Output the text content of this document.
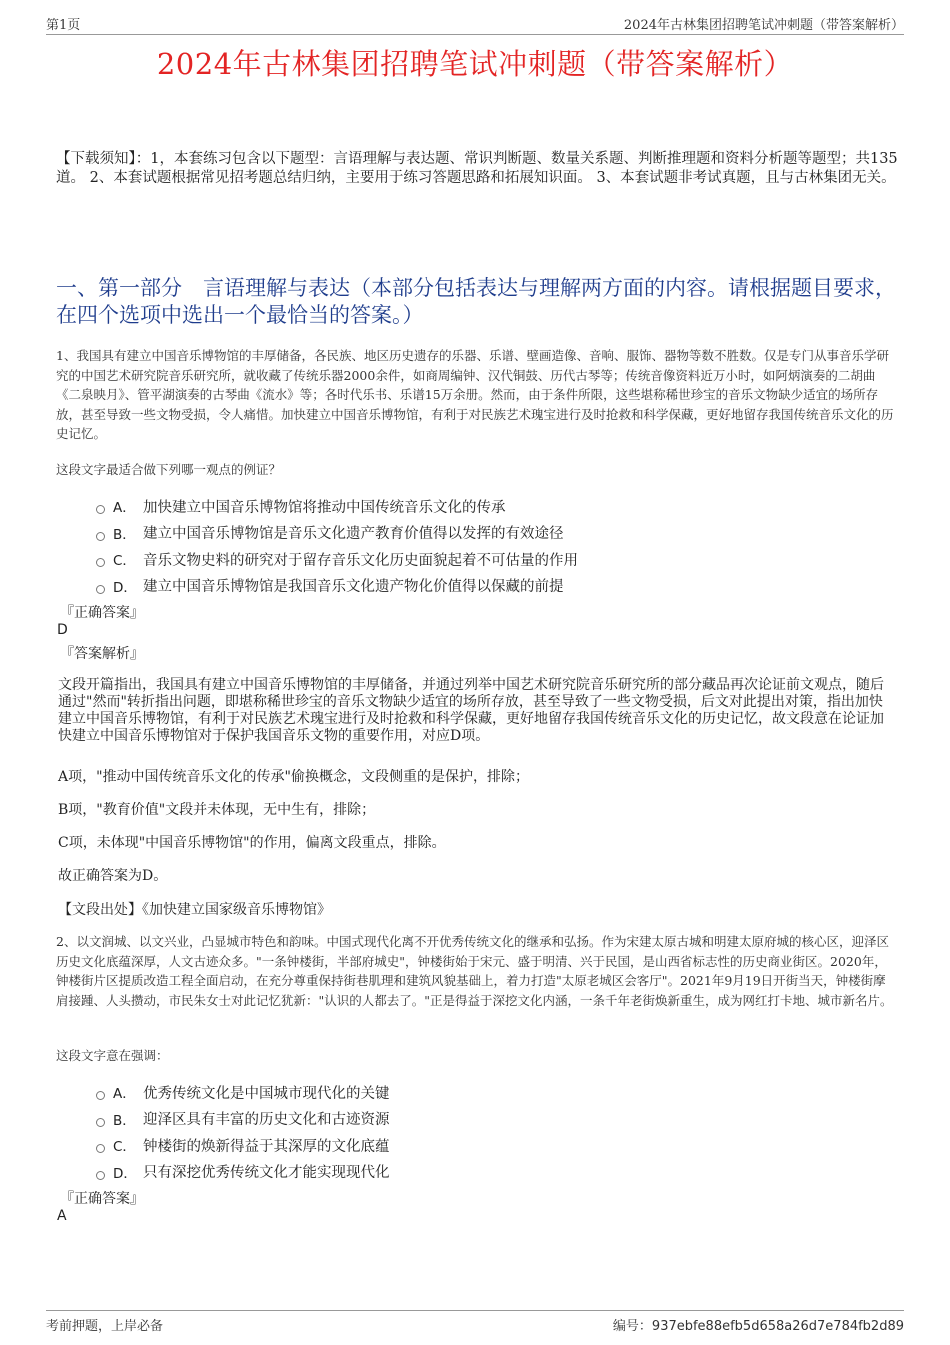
第1页	2024年古林集团招聘笔试冲刺题（带答案解析）
2024年古林集团招聘笔试冲刺题（带答案解析）
【下载须知】：1，本套练习包含以下题型：言语理解与表达题、常识判断题、数量关系题、判断推理题和资料分析题等题型；共135道。 2、本套试题根据常见招考题总结归纳，主要用于练习答题思路和拓展知识面。 3、本套试题非考试真题，且与古林集团无关。
一、第一部分　言语理解与表达（本部分包括表达与理解两方面的内容。请根据题目要求，在四个选项中选出一个最恰当的答案。）
1、我国具有建立中国音乐博物馆的丰厚储备，各民族、地区历史遗存的乐器、乐谱、壁画造像、音响、服饰、器物等数不胜数。仅是专门从事音乐学研究的中国艺术研究院音乐研究所，就收藏了传统乐器2000余件，如商周编钟、汉代铜鼓、历代古琴等；传统音像资料近万小时，如阿炳演奏的二胡曲《二泉映月》、管平湖演奏的古琴曲《流水》等；各时代乐书、乐谱15万余册。然而，由于条件所限，这些堪称稀世珍宝的音乐文物缺少适宜的场所存放，甚至导致一些文物受损，令人痛惜。加快建立中国音乐博物馆，有利于对民族艺术瑰宝进行及时抢救和科学保藏，更好地留存我国传统音乐文化的历史记忆。
这段文字最适合做下列哪一观点的例证？
A． 加快建立中国音乐博物馆将推动中国传统音乐文化的传承
B． 建立中国音乐博物馆是音乐文化遗产教育价值得以发挥的有效途径
C． 音乐文物史料的研究对于留存音乐文化历史面貌起着不可估量的作用
D． 建立中国音乐博物馆是我国音乐文化遗产物化价值得以保藏的前提
『正确答案』
D
『答案解析』
文段开篇指出，我国具有建立中国音乐博物馆的丰厚储备，并通过列举中国艺术研究院音乐研究所的部分藏品再次论证前文观点，随后通过"然而"转折指出问题，即堪称稀世珍宝的音乐文物缺少适宜的场所存放，甚至导致了一些文物受损，后文对此提出对策，指出加快建立中国音乐博物馆，有利于对民族艺术瑰宝进行及时抢救和科学保藏，更好地留存我国传统音乐文化的历史记忆，故文段意在论证加快建立中国音乐博物馆对于保护我国音乐文物的重要作用，对应D项。
A项，"推动中国传统音乐文化的传承"偷换概念，文段侧重的是保护，排除；
B项，"教育价值"文段并未体现，无中生有，排除；
C项，未体现"中国音乐博物馆"的作用，偏离文段重点，排除。
故正确答案为D。
【文段出处】《加快建立国家级音乐博物馆》
2、以文润城、以文兴业，凸显城市特色和韵味。中国式现代化离不开优秀传统文化的继承和弘扬。作为宋建太原古城和明建太原府城的核心区，迎泽区历史文化底蕴深厚，人文古迹众多。"一条钟楼街，半部府城史"，钟楼街始于宋元、盛于明清、兴于民国，是山西省标志性的历史商业街区。2020年，钟楼街片区提质改造工程全面启动，在充分尊重保持街巷肌理和建筑风貌基础上，着力打造"太原老城区会客厅"。2021年9月19日开街当天，钟楼街摩肩接踵、人头攒动，市民朱女士对此记忆犹新："认识的人都去了。"正是得益于深挖文化内涵，一条千年老街焕新重生，成为网红打卡地、城市新名片。
这段文字意在强调：
A． 优秀传统文化是中国城市现代化的关键
B． 迎泽区具有丰富的历史文化和古迹资源
C． 钟楼街的焕新得益于其深厚的文化底蕴
D． 只有深挖优秀传统文化才能实现现代化
『正确答案』
A
考前押题，上岸必备	编号：937ebfe88efb5d658a26d7e784fb2d89
